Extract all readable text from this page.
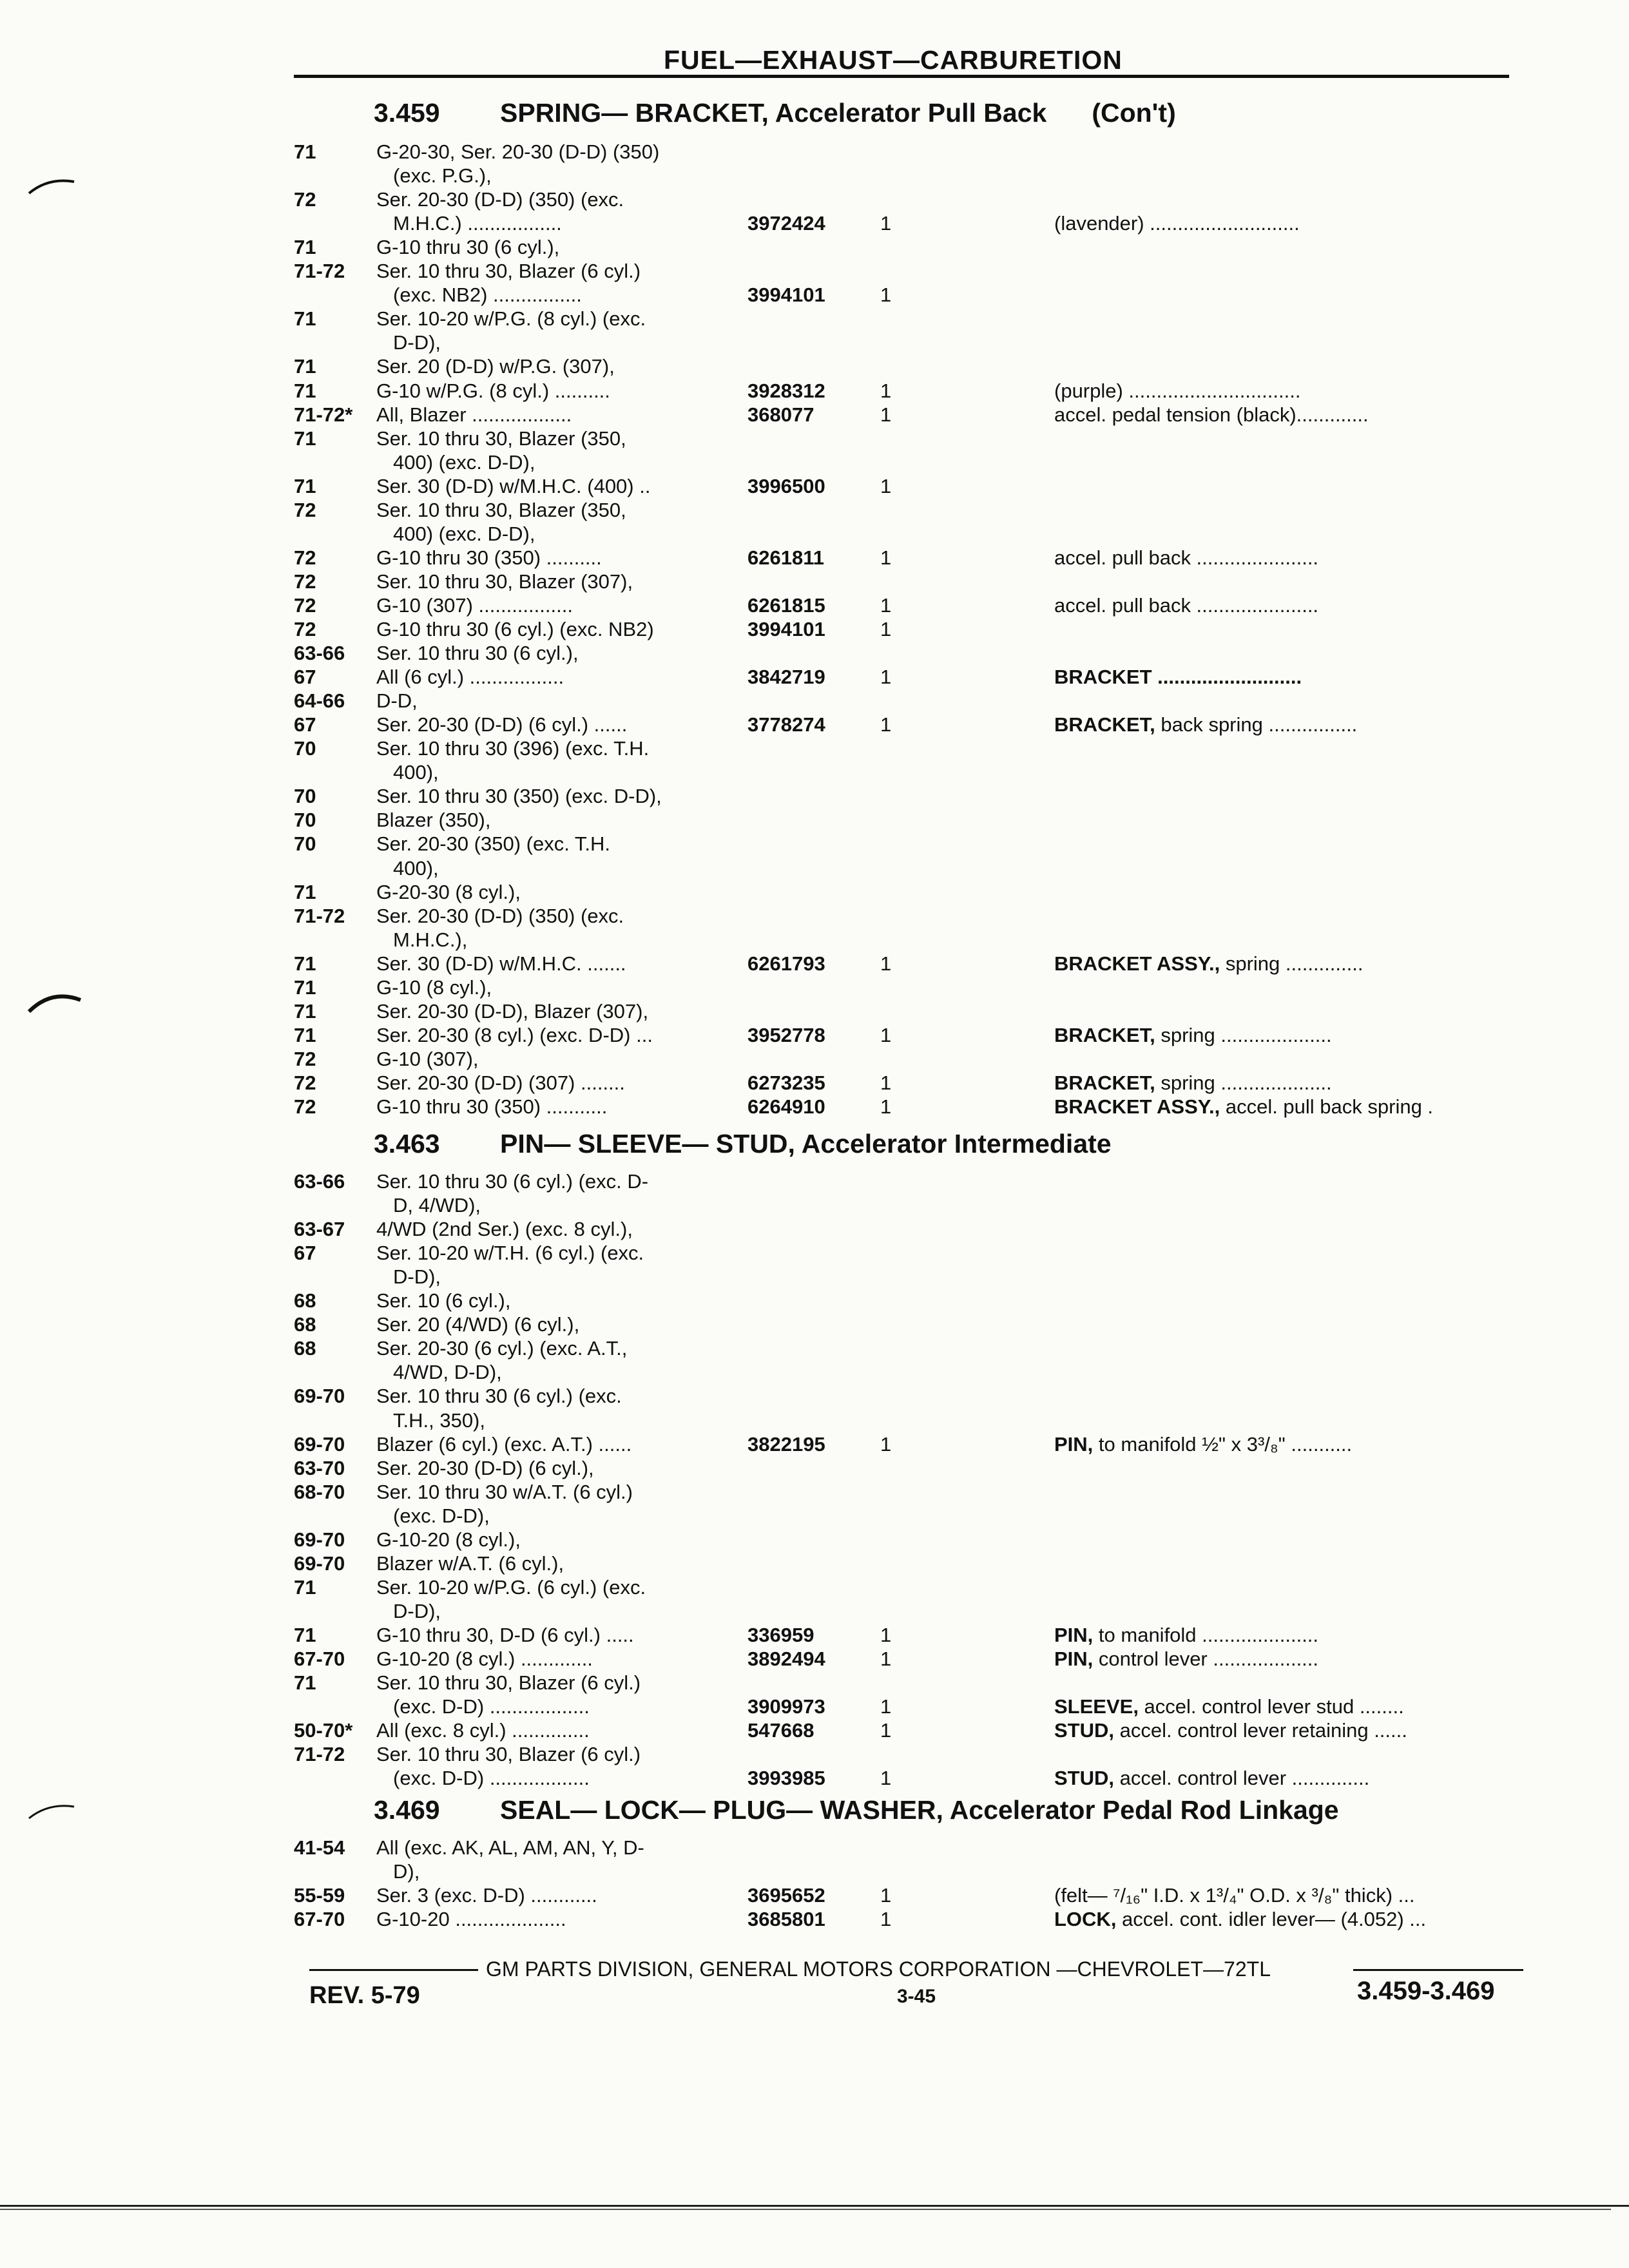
FUEL—EXHAUST—CARBURETION
3.459 SPRING— BRACKET, Accelerator Pull Back (Con't)
71	G-20-30, Ser. 20-30 (D-D) (350)
(exc. P.G.),
72	Ser. 20-30 (D-D) (350) (exc.
M.H.C.) .................	3972424	1	(lavender) ...........................
71	G-10 thru 30 (6 cyl.),
71-72 Ser. 10 thru 30, Blazer (6 cyl.)
(exc. NB2) ................	3994101	1
71	Ser. 10-20 w/P.G. (8 cyl.) (exc.
D-D),
71	Ser. 20 (D-D) w/P.G. (307),
71	G-10 w/P.G. (8 cyl.) ..........	3928312	1	(purple) ...............................
71-72* All, Blazer ..................	368077	1	accel. pedal tension (black).............
71	Ser. 10 thru 30, Blazer (350,
400) (exc. D-D),
71	Ser. 30 (D-D) w/M.H.C. (400) ..	3996500	1
72	Ser. 10 thru 30, Blazer (350,
400) (exc. D-D),
72	G-10 thru 30 (350) ..........	6261811	1	accel. pull back ......................
72	Ser. 10 thru 30, Blazer (307),
72	G-10 (307) .................	6261815	1	accel. pull back ......................
72	G-10 thru 30 (6 cyl.) (exc. NB2)	3994101	1
63-66 Ser. 10 thru 30 (6 cyl.),
67	All (6 cyl.) .................	3842719	1	BRACKET ..........................
64-66 D-D,
67	Ser. 20-30 (D-D) (6 cyl.) ......	3778274	1	BRACKET, back spring ................
70	Ser. 10 thru 30 (396) (exc. T.H.
400),
70	Ser. 10 thru 30 (350) (exc. D-D),
70	Blazer (350),
70	Ser. 20-30 (350) (exc. T.H.
400),
71	G-20-30 (8 cyl.),
71-72 Ser. 20-30 (D-D) (350) (exc.
M.H.C.),
71	Ser. 30 (D-D) w/M.H.C. .......	6261793	1	BRACKET ASSY., spring ..............
71	G-10 (8 cyl.),
71	Ser. 20-30 (D-D), Blazer (307),
71	Ser. 20-30 (8 cyl.) (exc. D-D) ...	3952778	1	BRACKET, spring ....................
72	G-10 (307),
72	Ser. 20-30 (D-D) (307) ........	6273235	1	BRACKET, spring ....................
72	G-10 thru 30 (350) ...........	6264910	1	BRACKET ASSY., accel. pull back spring .
3.463 PIN— SLEEVE— STUD, Accelerator Intermediate
63-66 Ser. 10 thru 30 (6 cyl.) (exc. D-
D, 4/WD),
63-67 4/WD (2nd Ser.) (exc. 8 cyl.),
67	Ser. 10-20 w/T.H. (6 cyl.) (exc.
D-D),
68	Ser. 10 (6 cyl.),
68	Ser. 20 (4/WD) (6 cyl.),
68	Ser. 20-30 (6 cyl.) (exc. A.T.,
4/WD, D-D),
69-70 Ser. 10 thru 30 (6 cyl.) (exc.
T.H., 350),
69-70 Blazer (6 cyl.) (exc. A.T.) ......	3822195	1	PIN, to manifold ½" x 3³/₈" ...........
63-70 Ser. 20-30 (D-D) (6 cyl.),
68-70 Ser. 10 thru 30 w/A.T. (6 cyl.)
(exc. D-D),
69-70 G-10-20 (8 cyl.),
69-70 Blazer w/A.T. (6 cyl.),
71	Ser. 10-20 w/P.G. (6 cyl.) (exc.
D-D),
71	G-10 thru 30, D-D (6 cyl.) .....	336959	1	PIN, to manifold .....................
67-70 G-10-20 (8 cyl.) .............	3892494	1	PIN, control lever ...................
71	Ser. 10 thru 30, Blazer (6 cyl.)
(exc. D-D) ..................	3909973	1	SLEEVE, accel. control lever stud ........
50-70* All (exc. 8 cyl.) ..............	547668	1	STUD, accel. control lever retaining ......
71-72 Ser. 10 thru 30, Blazer (6 cyl.)
(exc. D-D) ..................	3993985	1	STUD, accel. control lever ..............
3.469 SEAL— LOCK— PLUG— WASHER, Accelerator Pedal Rod Linkage
41-54 All (exc. AK, AL, AM, AN, Y, D-
D),
55-59 Ser. 3 (exc. D-D) ............	3695652	1	(felt— ⁷/₁₆" I.D. x 1³/₄" O.D. x ³/₈" thick) ...
67-70 G-10-20 ....................	3685801	1	LOCK, accel. cont. idler lever— (4.052) ...
GM PARTS DIVISION, GENERAL MOTORS CORPORATION —CHEVROLET—72TL
REV. 5-79	3-45	3.459-3.469
